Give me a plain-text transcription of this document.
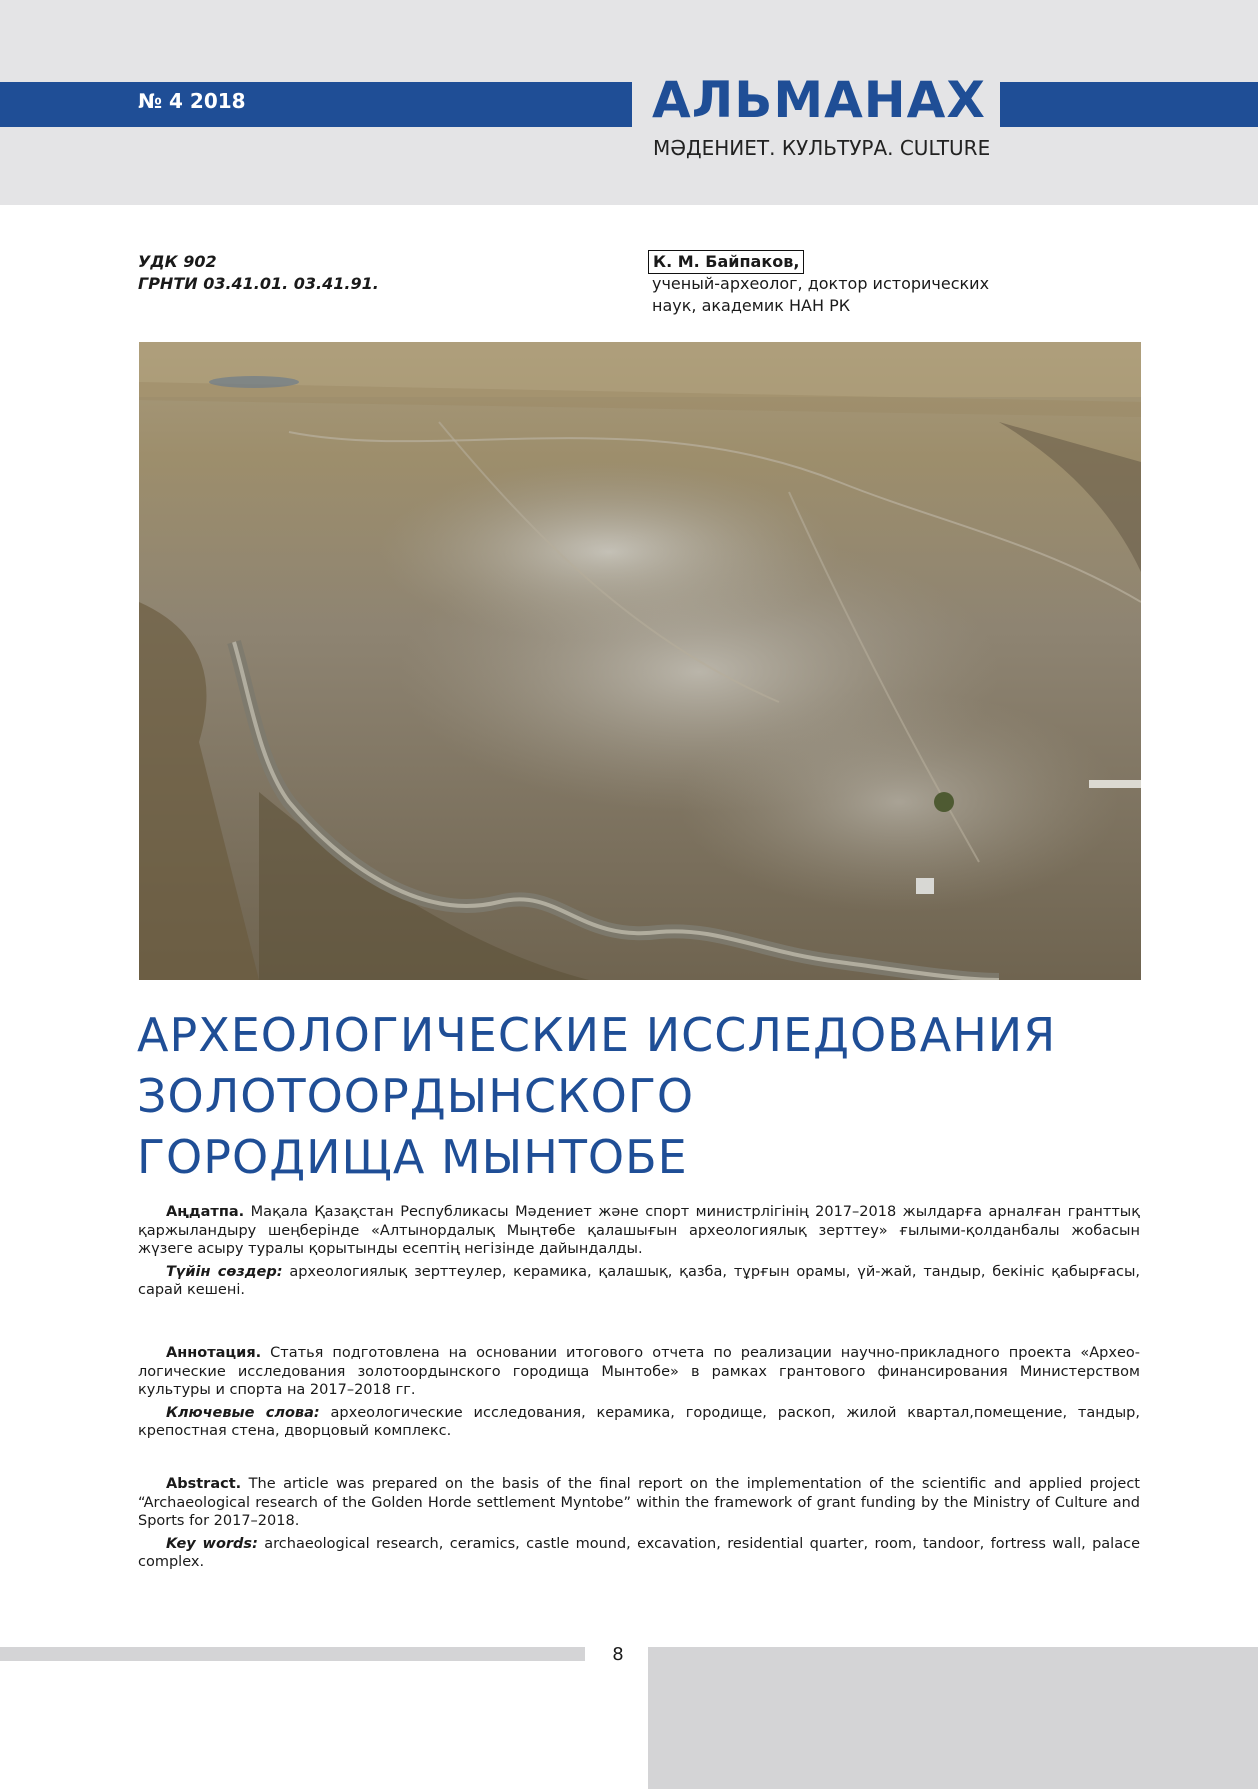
№ 4 2018	АЛЬМАНАХ
МӘДЕНИЕТ. КУЛЬТУРА. CULTURE
УДК 902
ГРНТИ 03.41.01. 03.41.91.
К. М. Байпаков,
ученый-археолог, доктор исторических
наук, академик НАН РК
АРХЕОЛОГИЧЕСКИЕ ИССЛЕДОВАНИЯ
ЗОЛОТООРДЫНСКОГО
ГОРОДИЩА МЫНТОБЕ

Аңдатпа. Мақала Қазақстан Республикасы Мәдениет және спорт министрлігінің 2017–2018 жылдарға арналған гранттық қаржыландыру шеңберінде «Алтынордалық Мыңтөбе қалашығын археологиялық зерттеу» ғылыми-қолданбалы жобасын жүзеге асыру туралы қорытынды есептің негізінде дайындалды.

Түйін сөздер: археологиялық зерттеулер, керамика, қалашық, қазба, тұрғын орамы, үй-жай, тандыр, бекініс қабырғасы, сарай кешені.

Аннотация. Статья подготовлена на основании итогового отчета по реализации научно-прикладного проекта «Архео-логические исследования золотоордынского городища Мынтобе» в рамках грантового финансирования Министерством культуры и спорта на 2017–2018 гг.

Ключевые слова: археологические исследования, керамика, городище, раскоп, жилой квартал,помещение, тандыр, крепостная стена, дворцовый комплекс.

Abstract. The article was prepared on the basis of the final report on the implementation of the scientific and applied project “Archaeological research of the Golden Horde settlement Myntobe” within the framework of grant funding by the Ministry of Culture and Sports for 2017–2018.

Key words: archaeological research, ceramics, castle mound, excavation, residential quarter, room, tandoor, fortress wall, palace complex.

8
